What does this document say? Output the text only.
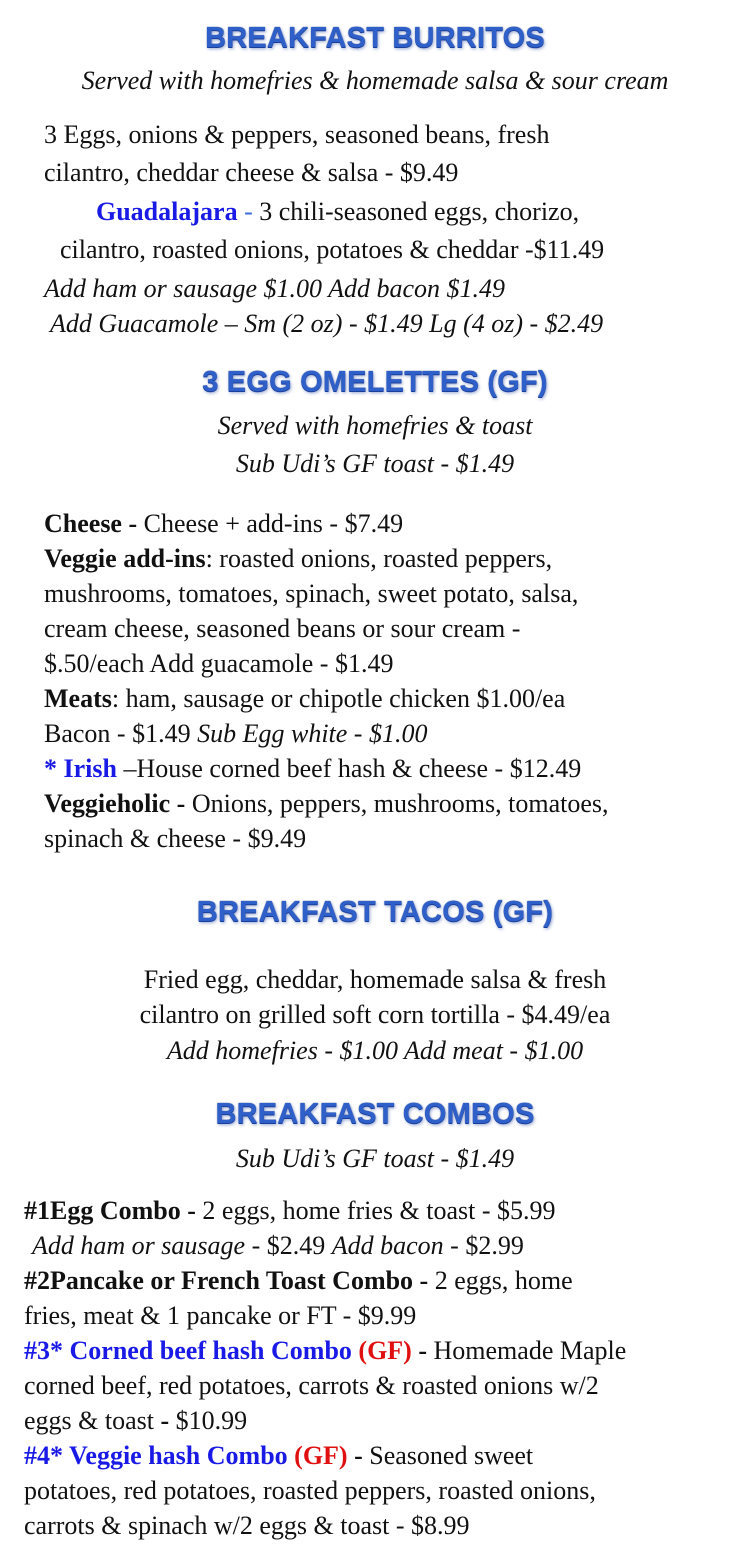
BREAKFAST BURRITOS
Served with homefries & homemade salsa & sour cream
3 Eggs, onions & peppers, seasoned beans, fresh
cilantro, cheddar cheese & salsa - $9.49
Guadalajara - 3 chili-seasoned eggs, chorizo,
cilantro, roasted onions, potatoes & cheddar -$11.49
Add ham or sausage $1.00 Add bacon $1.49
Add Guacamole – Sm (2 oz) - $1.49 Lg (4 oz) - $2.49
3 EGG OMELETTES (GF)
Served with homefries & toast
Sub Udi’s GF toast - $1.49
Cheese - Cheese + add-ins - $7.49
Veggie add-ins: roasted onions, roasted peppers,
mushrooms, tomatoes, spinach, sweet potato, salsa,
cream cheese, seasoned beans or sour cream -
$.50/each Add guacamole - $1.49
Meats: ham, sausage or chipotle chicken $1.00/ea
Bacon - $1.49 Sub Egg white - $1.00
* Irish –House corned beef hash & cheese - $12.49
Veggieholic - Onions, peppers, mushrooms, tomatoes,
spinach & cheese - $9.49
BREAKFAST TACOS (GF)
Fried egg, cheddar, homemade salsa & fresh
cilantro on grilled soft corn tortilla - $4.49/ea
Add homefries - $1.00 Add meat - $1.00
BREAKFAST COMBOS
Sub Udi’s GF toast - $1.49
#1Egg Combo - 2 eggs, home fries & toast - $5.99
Add ham or sausage - $2.49 Add bacon - $2.99
#2Pancake or French Toast Combo - 2 eggs, home
fries, meat & 1 pancake or FT - $9.99
#3* Corned beef hash Combo (GF) - Homemade Maple
corned beef, red potatoes, carrots & roasted onions w/2
eggs & toast - $10.99
#4* Veggie hash Combo (GF) - Seasoned sweet
potatoes, red potatoes, roasted peppers, roasted onions,
carrots & spinach w/2 eggs & toast - $8.99
